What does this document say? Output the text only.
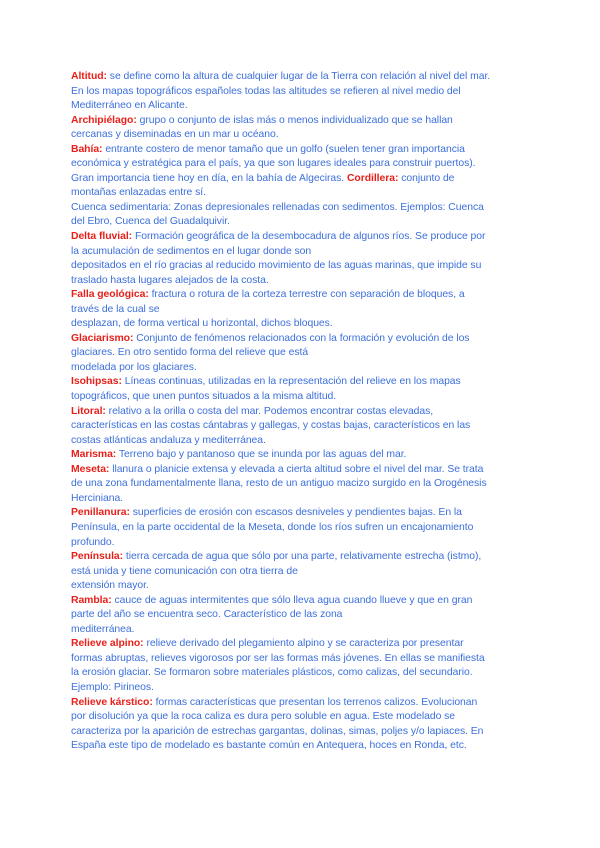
Altitud: se define como la altura de cualquier lugar de la Tierra con relación al nivel del mar.
En los mapas topográficos españoles todas las altitudes se refieren al nivel medio del
Mediterráneo en Alicante.

Archipiélago: grupo o conjunto de islas más o menos individualizado que se hallan
cercanas y diseminadas en un mar u océano.

Bahía: entrante costero de menor tamaño que un golfo (suelen tener gran importancia
económica y estratégica para el país, ya que son lugares ideales para construir puertos).
Gran importancia tiene hoy en día, en la bahía de Algeciras. Cordillera: conjunto de
montañas enlazadas entre sí.

Cuenca sedimentaria: Zonas depresionales rellenadas con sedimentos. Ejemplos: Cuenca
del Ebro, Cuenca del Guadalquivir.

Delta fluvial: Formación geográfica de la desembocadura de algunos ríos. Se produce por
la acumulación de sedimentos en el lugar donde son
depositados en el río gracias al reducido movimiento de las aguas marinas, que impide su
traslado hasta lugares alejados de la costa.

Falla geológica: fractura o rotura de la corteza terrestre con separación de bloques, a
través de la cual se
desplazan, de forma vertical u horizontal, dichos bloques.

Glaciarismo: Conjunto de fenómenos relacionados con la formación y evolución de los
glaciares. En otro sentido forma del relieve que está
modelada por los glaciares.

Isohipsas: Líneas continuas, utilizadas en la representación del relieve en los mapas
topográficos, que unen puntos situados a la misma altitud.

Litoral: relativo a la orilla o costa del mar. Podemos encontrar costas elevadas,
características en las costas cántabras y gallegas, y costas bajas, característicos en las
costas atlánticas andaluza y mediterránea.

Marisma: Terreno bajo y pantanoso que se inunda por las aguas del mar.

Meseta: llanura o planicie extensa y elevada a cierta altitud sobre el nivel del mar. Se trata
de una zona fundamentalmente llana, resto de un antiguo macizo surgido en la Orogénesis
Herciniana.

Penillanura: superficies de erosión con escasos desniveles y pendientes bajas. En la
Península, en la parte occidental de la Meseta, donde los ríos sufren un encajonamiento
profundo.

Península: tierra cercada de agua que sólo por una parte, relativamente estrecha (istmo),
está unida y tiene comunicación con otra tierra de
extensión mayor.

Rambla: cauce de aguas intermitentes que sólo lleva agua cuando llueve y que en gran
parte del año se encuentra seco. Característico de las zona
mediterránea.

Relieve alpino: relieve derivado del plegamiento alpino y se caracteriza por presentar
formas abruptas, relieves vigorosos por ser las formas más jóvenes. En ellas se manifiesta
la erosión glaciar. Se formaron sobre materiales plásticos, como calizas, del secundario.
Ejemplo: Pirineos.

Relieve kárstico: formas características que presentan los terrenos calizos. Evolucionan
por disolución ya que la roca caliza es dura pero soluble en agua. Este modelado se
caracteriza por la aparición de estrechas gargantas, dolinas, simas, poljes y/o lapiaces. En
España este tipo de modelado es bastante común en Antequera, hoces en Ronda, etc.
